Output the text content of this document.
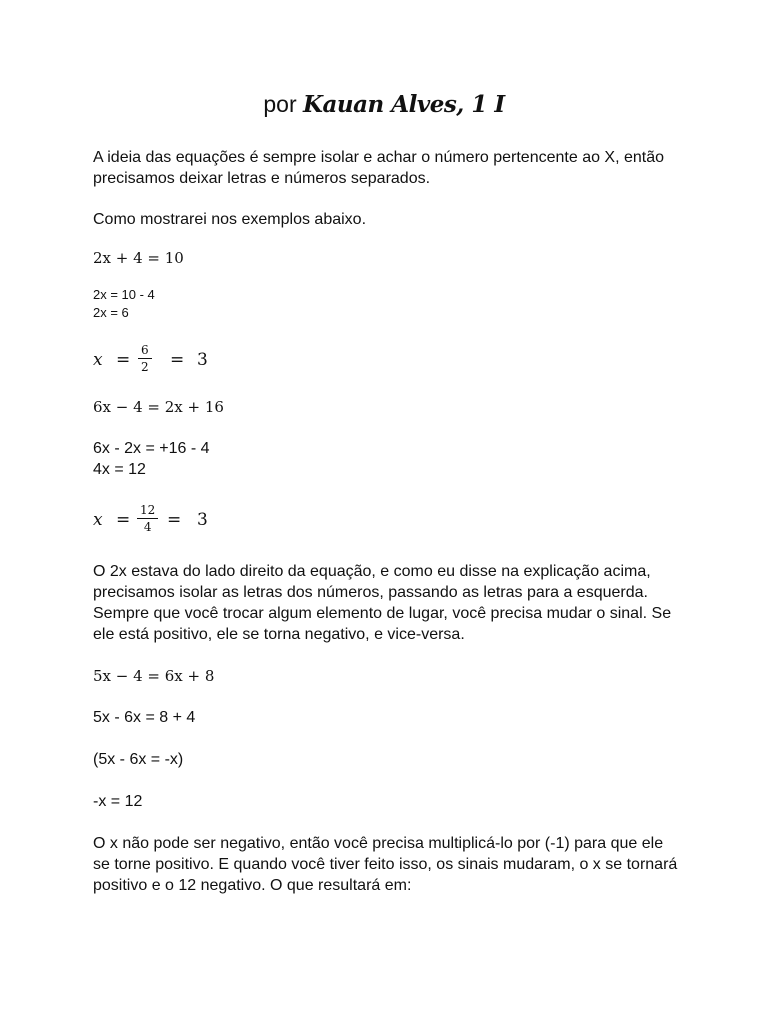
por Kauan Alves, 1 I

A ideia das equações é sempre isolar e achar o número pertencente ao X, então precisamos deixar letras e números separados.

Como mostrarei nos exemplos abaixo.

2x + 4 = 10
2x = 10 - 4
2x = 6
$x = \frac{6}{2} = 3$
6x − 4 = 2x + 16

6x - 2x = +16 - 4

4x = 12

$x = \frac{12}{4} = 3$

O 2x estava do lado direito da equação, e como eu disse na explicação acima, precisamos isolar as letras dos números, passando as letras para a esquerda. Sempre que você trocar algum elemento de lugar, você precisa mudar o sinal. Se ele está positivo, ele se torna negativo, e vice-versa.

5x − 4 = 6x + 8

5x - 6x = 8 + 4

(5x - 6x = -x)

-x = 12

O x não pode ser negativo, então você precisa multiplicá-lo por (-1) para que ele se torne positivo. E quando você tiver feito isso, os sinais mudaram, o x se tornará positivo e o 12 negativo. O que resultará em:
